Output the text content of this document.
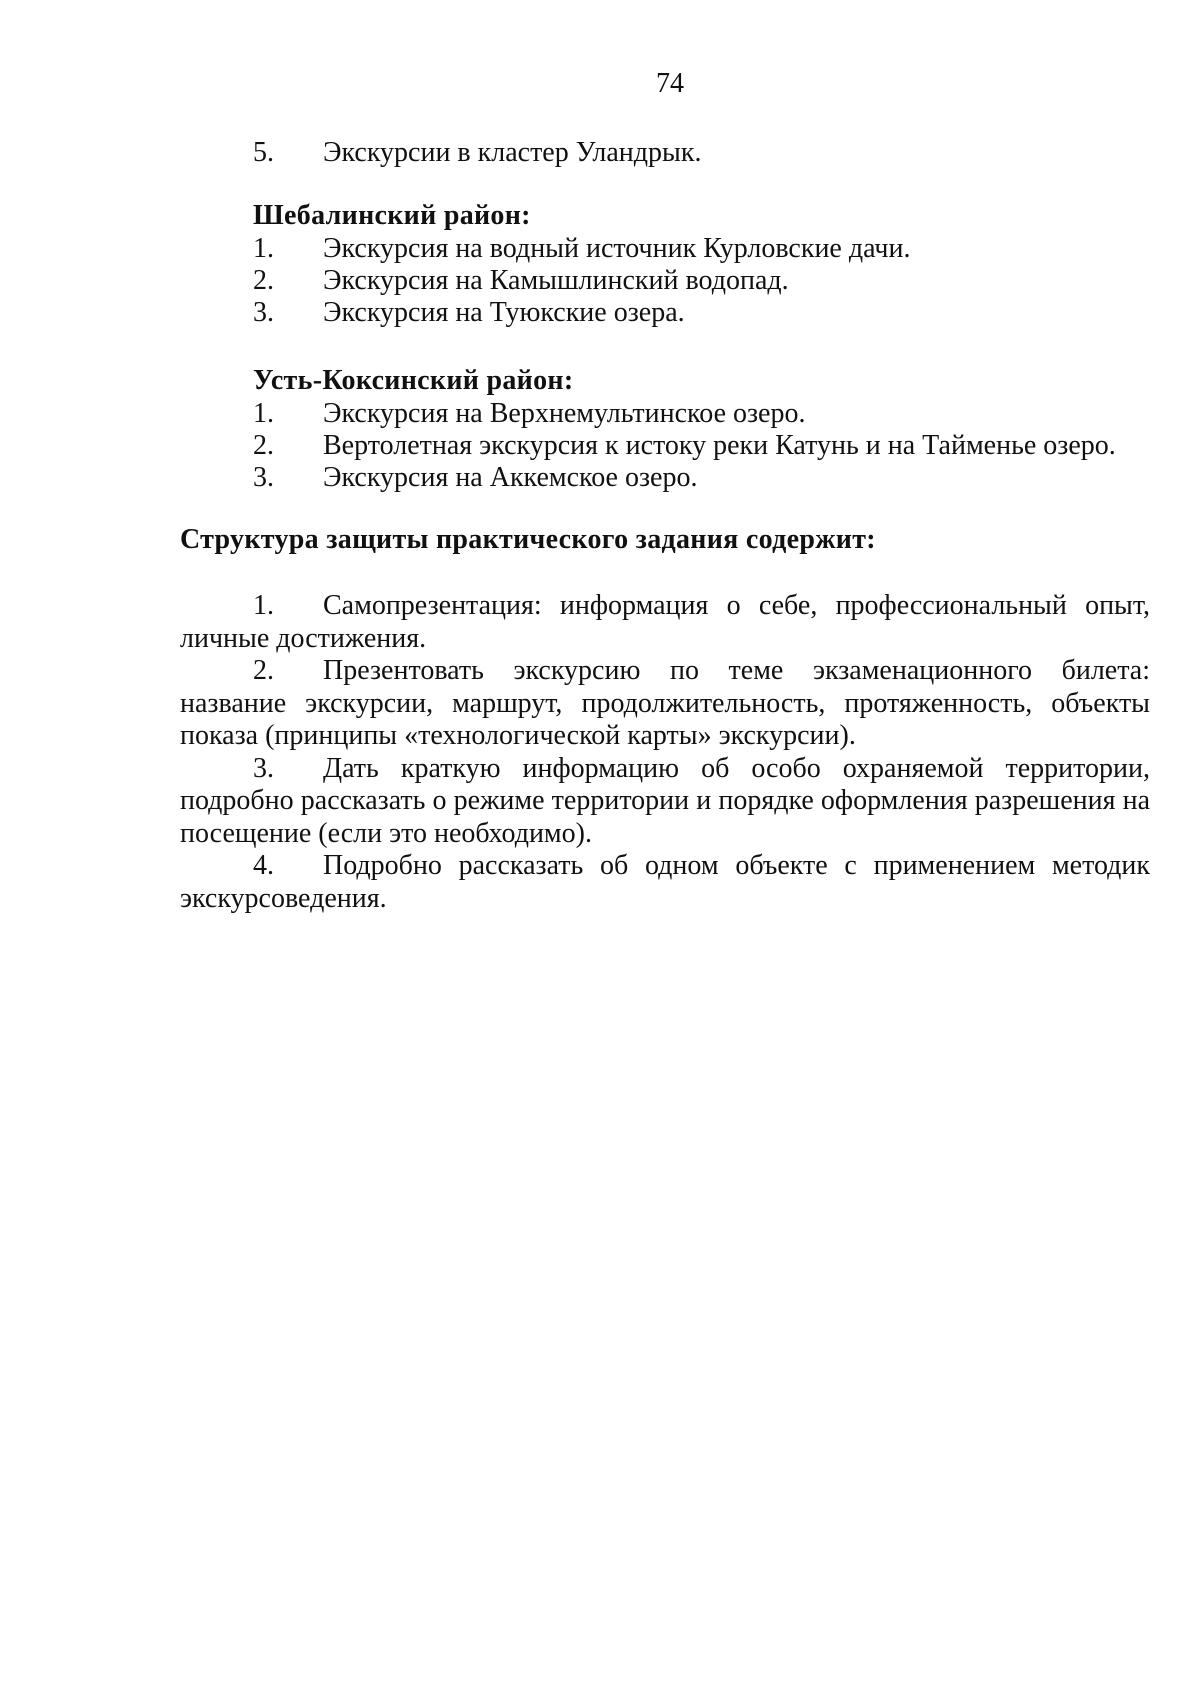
74
5.	Экскурсии в кластер Уландрык.
Шебалинский район:
1.	Экскурсия на водный источник Курловские дачи.
2.	Экскурсия на Камышлинский водопад.
3.	Экскурсия на Туюкские озера.
Усть-Коксинский район:
1.	Экскурсия на Верхнемультинское озеро.
2.	Вертолетная экскурсия к истоку реки Катунь и на Тайменье озеро.
3.	Экскурсия на Аккемское озеро.
Структура защиты практического задания содержит:

1. Самопрезентация: информация о себе, профессиональный опыт, личные достижения.

2. Презентовать экскурсию по теме экзаменационного билета: название экскурсии, маршрут, продолжительность, протяженность, объекты показа (принципы «технологической карты» экскурсии).

3. Дать краткую информацию об особо охраняемой территории, подробно рассказать о режиме территории и порядке оформления разрешения на посещение (если это необходимо).

4. Подробно рассказать об одном объекте с применением методик экскурсоведения.
